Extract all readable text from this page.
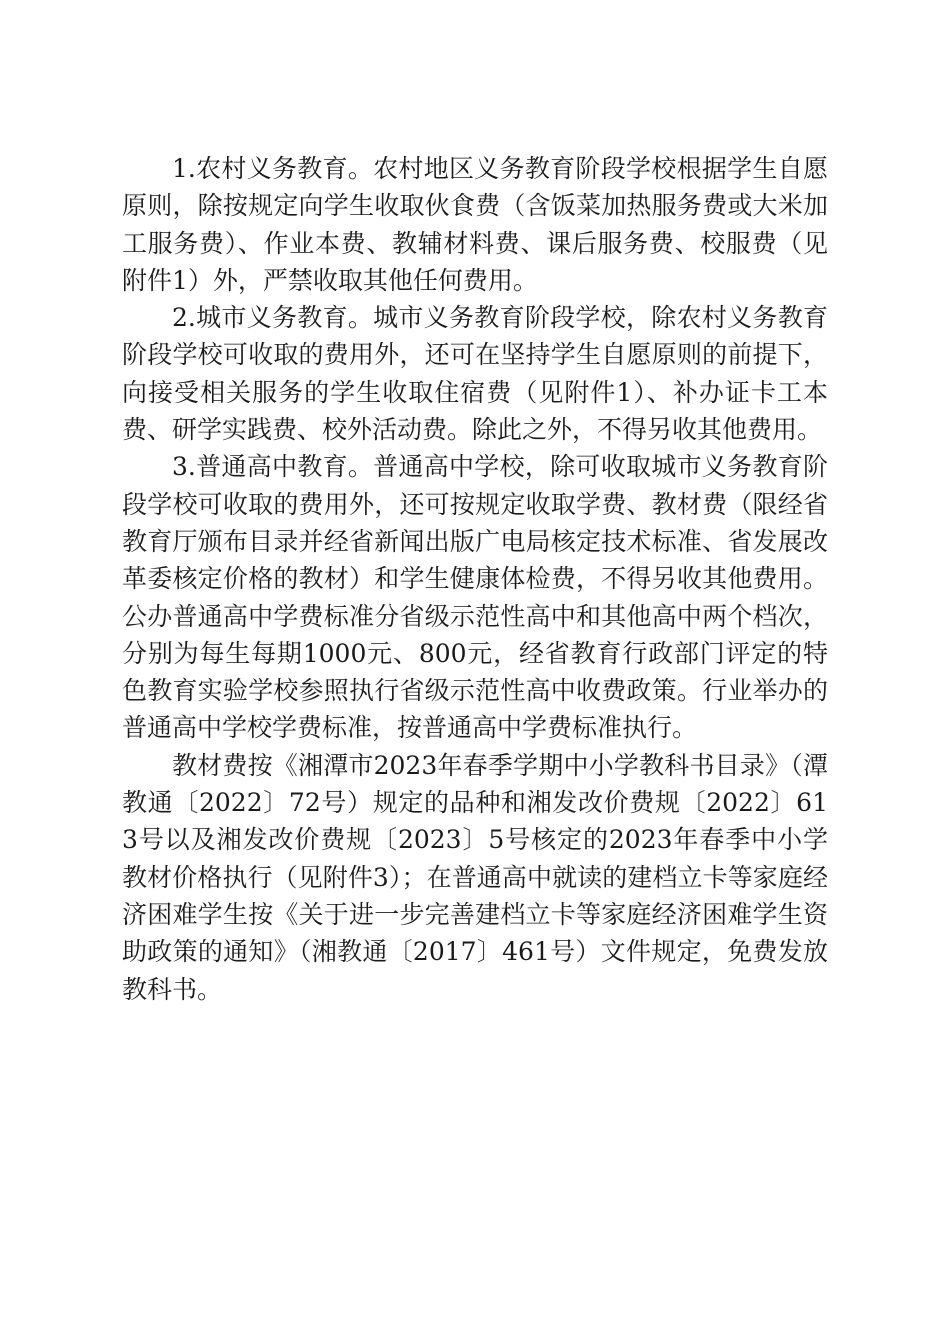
1.农村义务教育。农村地区义务教育阶段学校根据学生自愿原则，除按规定向学生收取伙食费（含饭菜加热服务费或大米加工服务费）、作业本费、教辅材料费、课后服务费、校服费（见附件1）外，严禁收取其他任何费用。

2.城市义务教育。城市义务教育阶段学校，除农村义务教育阶段学校可收取的费用外，还可在坚持学生自愿原则的前提下，向接受相关服务的学生收取住宿费（见附件1）、补办证卡工本费、研学实践费、校外活动费。除此之外，不得另收其他费用。

3.普通高中教育。普通高中学校，除可收取城市义务教育阶段学校可收取的费用外，还可按规定收取学费、教材费（限经省教育厅颁布目录并经省新闻出版广电局核定技术标准、省发展改革委核定价格的教材）和学生健康体检费，不得另收其他费用。公办普通高中学费标准分省级示范性高中和其他高中两个档次，分别为每生每期1000元、800元，经省教育行政部门评定的特色教育实验学校参照执行省级示范性高中收费政策。行业举办的普通高中学校学费标准，按普通高中学费标准执行。

教材费按《湘潭市2023年春季学期中小学教科书目录》（潭教通〔2022〕72号）规定的品种和湘发改价费规〔2022〕613号以及湘发改价费规〔2023〕5号核定的2023年春季中小学教材价格执行（见附件3）；在普通高中就读的建档立卡等家庭经济困难学生按《关于进一步完善建档立卡等家庭经济困难学生资助政策的通知》（湘教通〔2017〕461号）文件规定，免费发放教科书。
